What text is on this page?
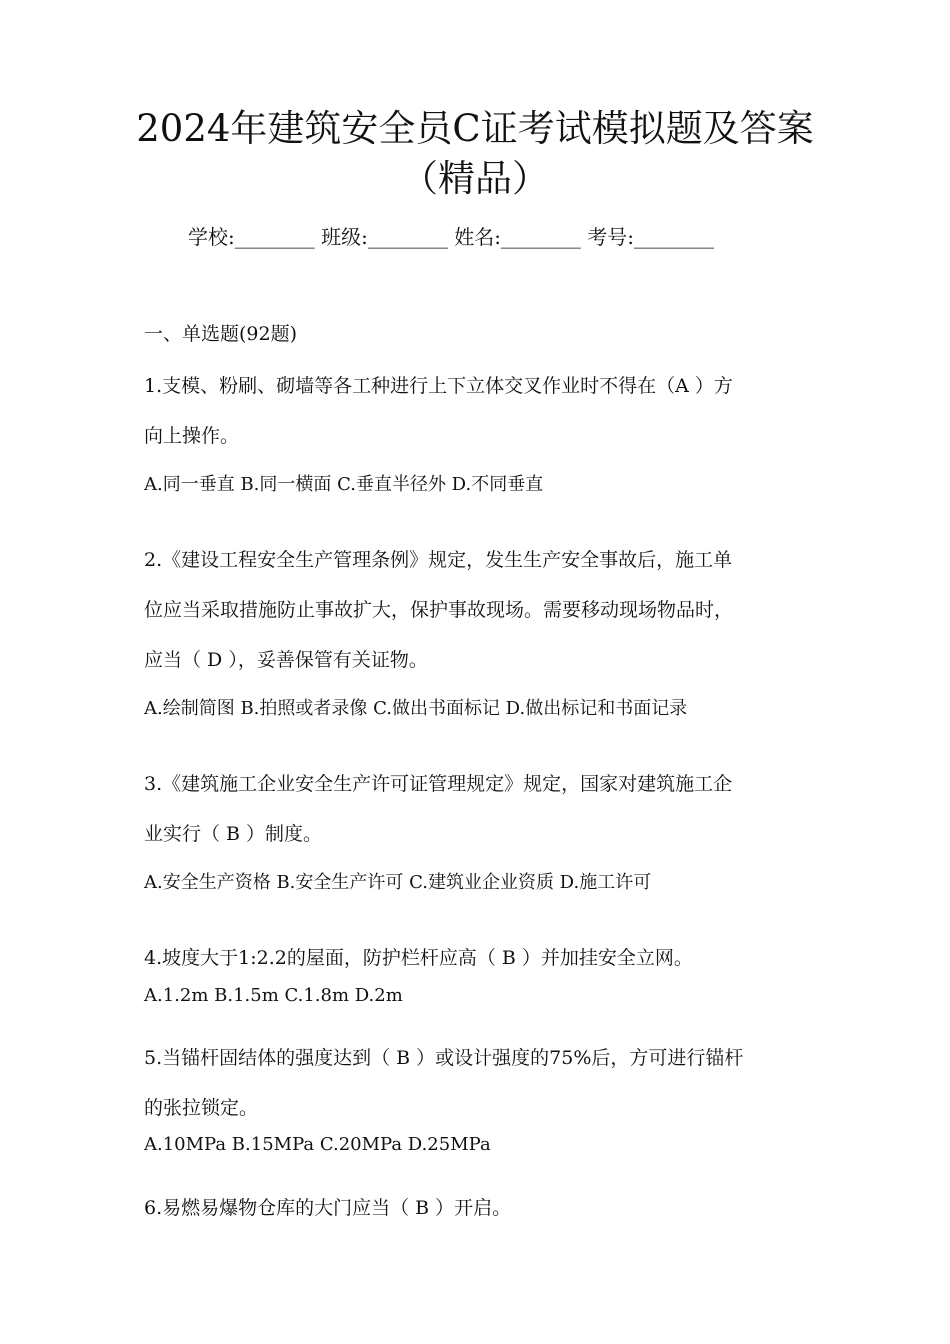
2024年建筑安全员C证考试模拟题及答案
（精品）
学校:________ 班级:________ 姓名:________ 考号:________
一、单选题(92题)
1.支模、粉刷、砌墙等各工种进行上下立体交叉作业时不得在（A ）方
向上操作。
A.同一垂直 B.同一横面 C.垂直半径外 D.不同垂直
2.《建设工程安全生产管理条例》规定，发生生产安全事故后，施工单
位应当采取措施防止事故扩大，保护事故现场。需要移动现场物品时，
应当（ D ），妥善保管有关证物。
A.绘制简图 B.拍照或者录像 C.做出书面标记 D.做出标记和书面记录
3.《建筑施工企业安全生产许可证管理规定》规定，国家对建筑施工企
业实行（ B ）制度。
A.安全生产资格 B.安全生产许可 C.建筑业企业资质 D.施工许可
4.坡度大于1:2.2的屋面，防护栏杆应高（ B ）并加挂安全立网。
A.1.2m B.1.5m C.1.8m D.2m
5.当锚杆固结体的强度达到（ B ）或设计强度的75%后，方可进行锚杆
的张拉锁定。
A.10MPa B.15MPa C.20MPa D.25MPa
6.易燃易爆物仓库的大门应当（ B ）开启。
